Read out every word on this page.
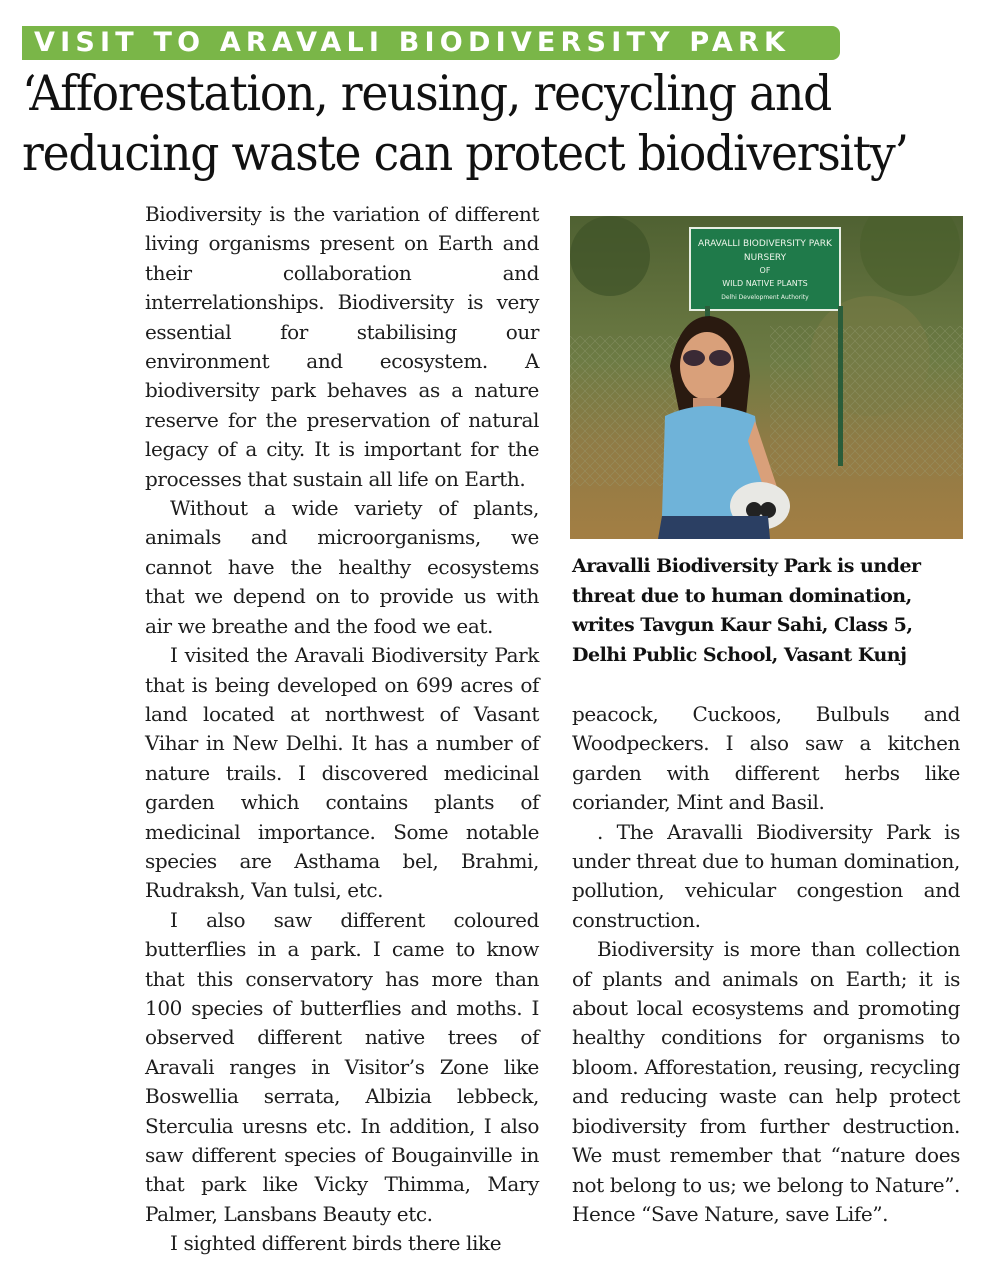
VISIT TO ARAVALI BIODIVERSITY PARK
‘Afforestation, reusing, recycling and
reducing waste can protect biodiversity’

Biodiversity is the variation of different living organisms present on Earth and their collaboration and interrelationships. Biodiversity is very essential for stabilising our environment and ecosystem. A biodiversity park behaves as a nature reserve for the preservation of natural legacy of a city. It is important for the processes that sustain all life on Earth.

Without a wide variety of plants, animals and microorganisms, we cannot have the healthy ecosystems that we depend on to provide us with air we breathe and the food we eat.

I visited the Aravali Biodiversity Park that is being developed on 699 acres of land located at northwest of Vasant Vihar in New Delhi. It has a number of nature trails. I discovered medicinal garden which contains plants of medicinal importance. Some notable species are Asthama bel, Brahmi, Rudraksh, Van tulsi, etc.

I also saw different coloured butterflies in a park. I came to know that this conservatory has more than 100 species of butterflies and moths. I observed different native trees of Aravali ranges in Visitor’s Zone like Boswellia serrata, Albizia lebbeck, Sterculia uresns etc. In addition, I also saw different species of Bougainville in that park like Vicky Thimma, Mary Palmer, Lansbans Beauty etc.

I sighted different birds there like

ARAVALLI BIODIVERSITY PARK
NURSERY
OF
WILD NATIVE PLANTS
Delhi Development Authority
Aravalli Biodiversity Park is under
threat due to human domination,
writes Tavgun Kaur Sahi, Class 5,
Delhi Public School, Vasant Kunj

peacock, Cuckoos, Bulbuls and Woodpeckers. I also saw a kitchen garden with different herbs like coriander, Mint and Basil.

. The Aravalli Biodiversity Park is under threat due to human domination, pollution, vehicular congestion and construction.

Biodiversity is more than collection of plants and animals on Earth; it is about local ecosystems and promoting healthy conditions for organisms to bloom. Afforestation, reusing, recycling and reducing waste can help protect biodiversity from further destruction. We must remember that “nature does not belong to us; we belong to Nature”. Hence “Save Nature, save Life”.
